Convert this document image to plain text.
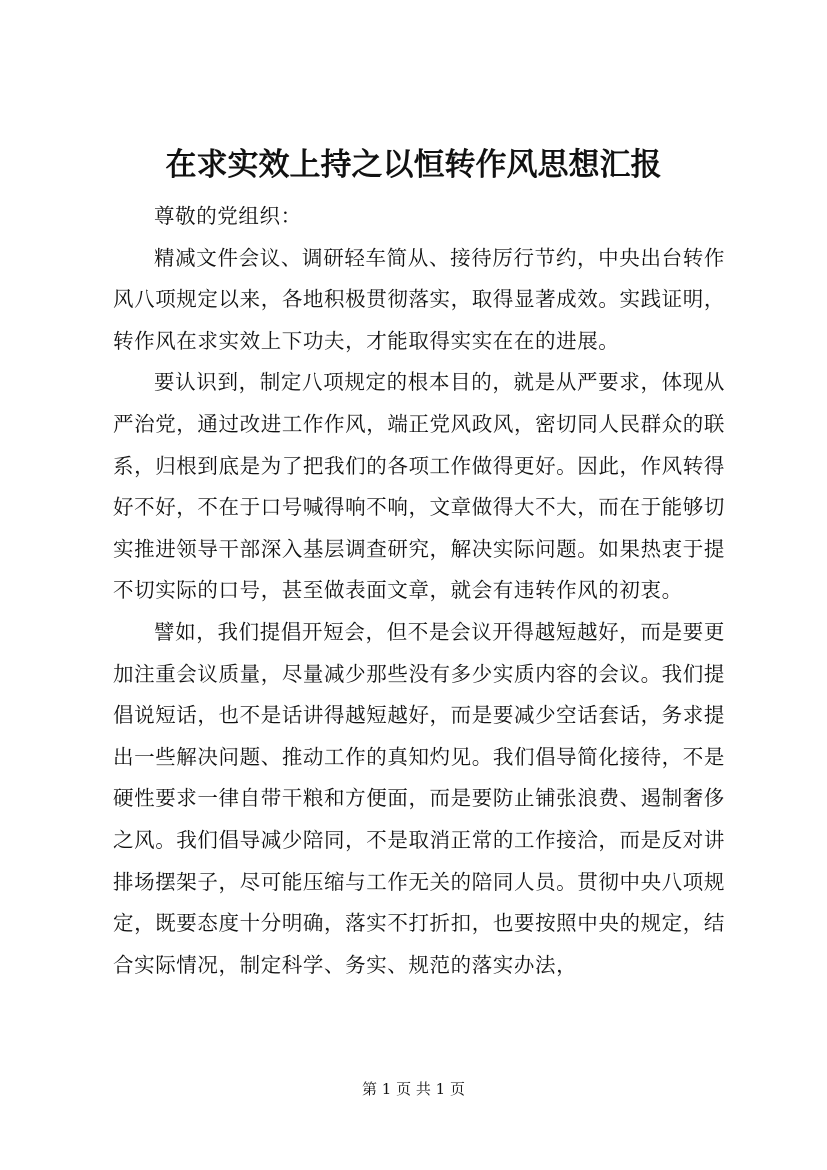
在求实效上持之以恒转作风思想汇报

尊敬的党组织：

精减文件会议、调研轻车简从、接待厉行节约，中央出台转作风八项规定以来，各地积极贯彻落实，取得显著成效。实践证明，转作风在求实效上下功夫，才能取得实实在在的进展。

要认识到，制定八项规定的根本目的，就是从严要求，体现从严治党，通过改进工作作风，端正党风政风，密切同人民群众的联系，归根到底是为了把我们的各项工作做得更好。因此，作风转得好不好，不在于口号喊得响不响，文章做得大不大，而在于能够切实推进领导干部深入基层调查研究，解决实际问题。如果热衷于提不切实际的口号，甚至做表面文章，就会有违转作风的初衷。

譬如，我们提倡开短会，但不是会议开得越短越好，而是要更加注重会议质量，尽量减少那些没有多少实质内容的会议。我们提倡说短话，也不是话讲得越短越好，而是要减少空话套话，务求提出一些解决问题、推动工作的真知灼见。我们倡导简化接待，不是硬性要求一律自带干粮和方便面，而是要防止铺张浪费、遏制奢侈之风。我们倡导减少陪同，不是取消正常的工作接洽，而是反对讲排场摆架子，尽可能压缩与工作无关的陪同人员。贯彻中央八项规定，既要态度十分明确，落实不打折扣，也要按照中央的规定，结合实际情况，制定科学、务实、规范的落实办法，

第 1 页 共 1 页
